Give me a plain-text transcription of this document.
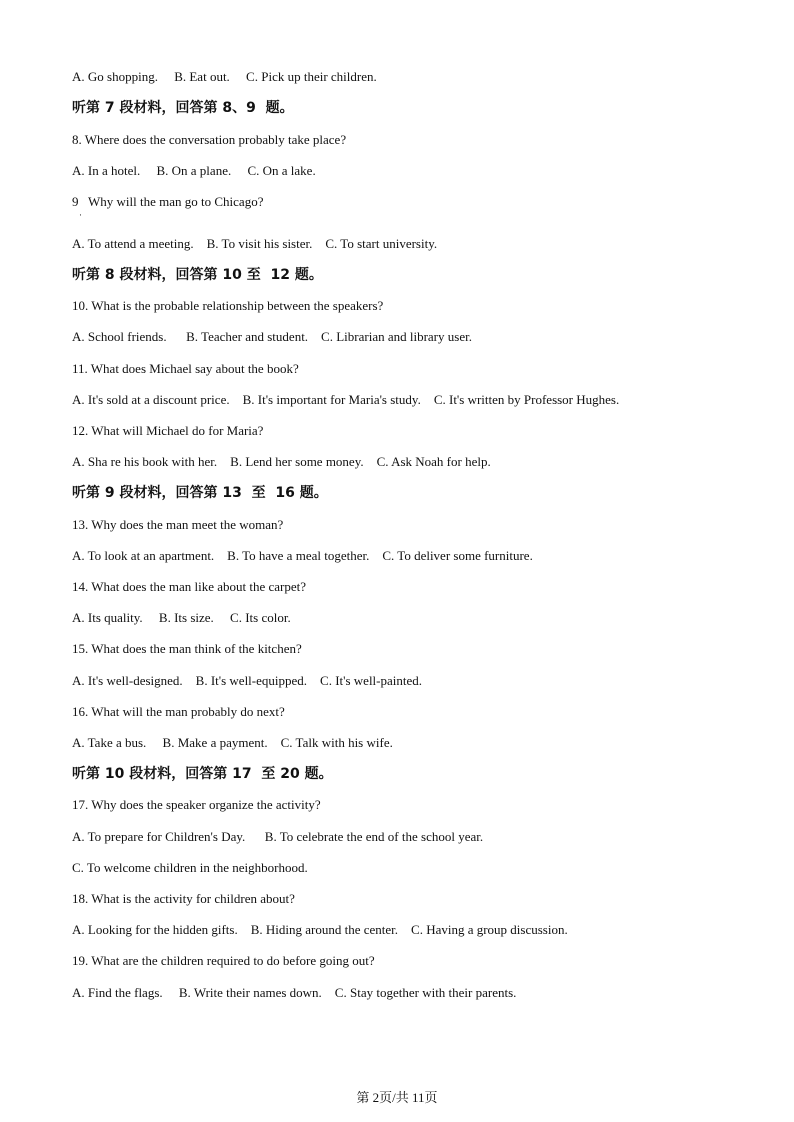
A. Go shopping.     B. Eat out.     C. Pick up their children.
听第 7 段材料，回答第 8、9  题。
8. Where does the conversation probably take place?
A. In a hotel.     B. On a plane.     C. On a lake.
9   Why will the man go to Chicago?
·
A. To attend a meeting.    B. To visit his sister.    C. To start university.
听第 8 段材料，回答第 10 至  12 题。
10. What is the probable relationship between the speakers?
A. School friends.      B. Teacher and student.    C. Librarian and library user.
11. What does Michael say about the book?
A. It's sold at a discount price.    B. It's important for Maria's study.    C. It's written by Professor Hughes.
12. What will Michael do for Maria?
A. Sha re his book with her.    B. Lend her some money.    C. Ask Noah for help.
听第 9 段材料，回答第 13  至  16 题。
13. Why does the man meet the woman?
A. To look at an apartment.    B. To have a meal together.    C. To deliver some furniture.
14. What does the man like about the carpet?
A. Its quality.     B. Its size.     C. Its color.
15. What does the man think of the kitchen?
A. It's well-designed.    B. It's well-equipped.    C. It's well-painted.
16. What will the man probably do next?
A. Take a bus.     B. Make a payment.    C. Talk with his wife.
听第 10 段材料，回答第 17  至 20 题。
17. Why does the speaker organize the activity?
A. To prepare for Children's Day.      B. To celebrate the end of the school year.
C. To welcome children in the neighborhood.
18. What is the activity for children about?
A. Looking for the hidden gifts.    B. Hiding around the center.    C. Having a group discussion.
19. What are the children required to do before going out?
A. Find the flags.     B. Write their names down.    C. Stay together with their parents.
第 2页/共 11页
